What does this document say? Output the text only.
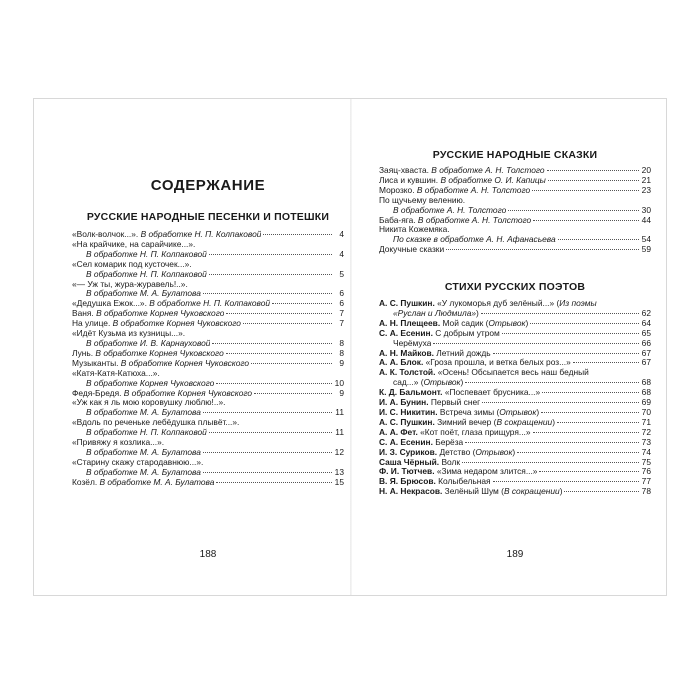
СОДЕРЖАНИЕ
РУССКИЕ НАРОДНЫЕ ПЕСЕНКИ И ПОТЕШКИ
«Волк-волчок...». В обработке Н. П. Колпаковой	4
«На крайчике, на сарайчике...».
В обработке Н. П. Колпаковой	4
«Сел комарик под кусточек...».
В обработке Н. П. Колпаковой	5
«— Уж ты, журa-журавель!..».
В обработке М. А. Булатова	6
«Дедушка Ежок...». В обработке Н. П. Колпаковой	6
Ваня. В обработке Корнея Чуковского	7
На улице. В обработке Корнея Чуковского	7
«Идёт Кузьма из кузницы...».
В обработке И. В. Карнауховой	8
Лунь. В обработке Корнея Чуковского	8
Музыканты. В обработке Корнея Чуковского	9
«Катя-Катя-Катюха...».
В обработке Корнея Чуковского	10
Федя-Бредя. В обработке Корнея Чуковского	9
«Уж как я ль мою коровушку люблю!..».
В обработке М. А. Булатова	11
«Вдоль по реченьке лебёдушка плывёт...».
В обработке Н. П. Колпаковой	11
«Привяжу я козлика...».
В обработке М. А. Булатова	12
«Старину скажу стародавнюю...».
В обработке М. А. Булатова	13
Козёл. В обработке М. А. Булатова	15
188
РУССКИЕ НАРОДНЫЕ СКАЗКИ
Заяц-хваста. В обработке А. Н. Толстого	20
Лиса и кувшин. В обработке О. И. Капицы	21
Морозко. В обработке А. Н. Толстого	23
По щучьему велению.
В обработке А. Н. Толстого	30
Баба-яга. В обработке А. Н. Толстого	44
Никита Кожемяка.
По сказке в обработке А. Н. Афанасьева	54
Докучные сказки	59
СТИХИ РУССКИХ ПОЭТОВ
А. С. Пушкин. «У лукоморья дуб зелёный...» (Из поэмы
«Руслан и Людмила»)	62
А. Н. Плещеев. Мой садик (Отрывок)	64
С. А. Есенин. С добрым утром	65
Черёмуха	66
А. Н. Майков. Летний дождь	67
А. А. Блок. «Гроза прошла, и ветка белых роз...»	67
А. К. Толстой. «Осень! Обсыпается весь наш бедный
сад...» (Отрывок)	68
К. Д. Бальмонт. «Поспевает брусника...»	68
И. А. Бунин. Первый снег	69
И. С. Никитин. Встреча зимы (Отрывок)	70
А. С. Пушкин. Зимний вечер (В сокращении)	71
А. А. Фет. «Кот поёт, глаза прищуря...»	72
С. А. Есенин. Берёза	73
И. З. Суриков. Детство (Отрывок)	74
Саша Чёрный. Волк	75
Ф. И. Тютчев. «Зима недаром злится...»	76
В. Я. Брюсов. Колыбельная	77
Н. А. Некрасов. Зелёный Шум (В сокращении)	78
189
